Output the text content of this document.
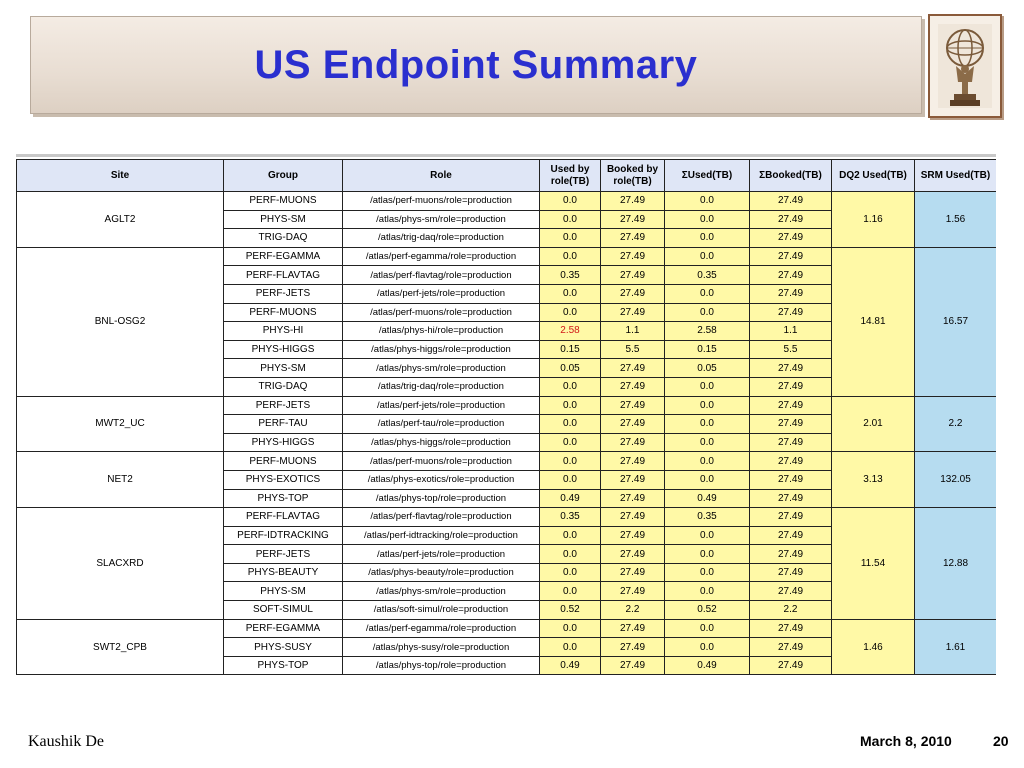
US Endpoint Summary
Site	Group	Role	Used by role(TB)	Booked by role(TB)	ΣUsed(TB)	ΣBooked(TB)	DQ2 Used(TB)	SRM Used(TB)
AGLT2	PERF-MUONS	/atlas/perf-muons/role=production	0.0	27.49	0.0	27.49	1.16	1.56
	PHYS-SM	/atlas/phys-sm/role=production	0.0	27.49	0.0	27.49		
	TRIG-DAQ	/atlas/trig-daq/role=production	0.0	27.49	0.0	27.49		
BNL-OSG2	PERF-EGAMMA	/atlas/perf-egamma/role=production	0.0	27.49	0.0	27.49	14.81	16.57
	PERF-FLAVTAG	/atlas/perf-flavtag/role=production	0.35	27.49	0.35	27.49		
	PERF-JETS	/atlas/perf-jets/role=production	0.0	27.49	0.0	27.49		
	PERF-MUONS	/atlas/perf-muons/role=production	0.0	27.49	0.0	27.49		
	PHYS-HI	/atlas/phys-hi/role=production	2.58	1.1	2.58	1.1		
	PHYS-HIGGS	/atlas/phys-higgs/role=production	0.15	5.5	0.15	5.5		
	PHYS-SM	/atlas/phys-sm/role=production	0.05	27.49	0.05	27.49		
	TRIG-DAQ	/atlas/trig-daq/role=production	0.0	27.49	0.0	27.49		
MWT2_UC	PERF-JETS	/atlas/perf-jets/role=production	0.0	27.49	0.0	27.49	2.01	2.2
	PERF-TAU	/atlas/perf-tau/role=production	0.0	27.49	0.0	27.49		
	PHYS-HIGGS	/atlas/phys-higgs/role=production	0.0	27.49	0.0	27.49		
NET2	PERF-MUONS	/atlas/perf-muons/role=production	0.0	27.49	0.0	27.49	3.13	132.05
	PHYS-EXOTICS	/atlas/phys-exotics/role=production	0.0	27.49	0.0	27.49		
	PHYS-TOP	/atlas/phys-top/role=production	0.49	27.49	0.49	27.49		
SLACXRD	PERF-FLAVTAG	/atlas/perf-flavtag/role=production	0.35	27.49	0.35	27.49	11.54	12.88
	PERF-IDTRACKING	/atlas/perf-idtracking/role=production	0.0	27.49	0.0	27.49		
	PERF-JETS	/atlas/perf-jets/role=production	0.0	27.49	0.0	27.49		
	PHYS-BEAUTY	/atlas/phys-beauty/role=production	0.0	27.49	0.0	27.49		
	PHYS-SM	/atlas/phys-sm/role=production	0.0	27.49	0.0	27.49		
	SOFT-SIMUL	/atlas/soft-simul/role=production	0.52	2.2	0.52	2.2		
SWT2_CPB	PERF-EGAMMA	/atlas/perf-egamma/role=production	0.0	27.49	0.0	27.49	1.46	1.61
	PHYS-SUSY	/atlas/phys-susy/role=production	0.0	27.49	0.0	27.49		
	PHYS-TOP	/atlas/phys-top/role=production	0.49	27.49	0.49	27.49		
Kaushik De	March 8, 2010	20
